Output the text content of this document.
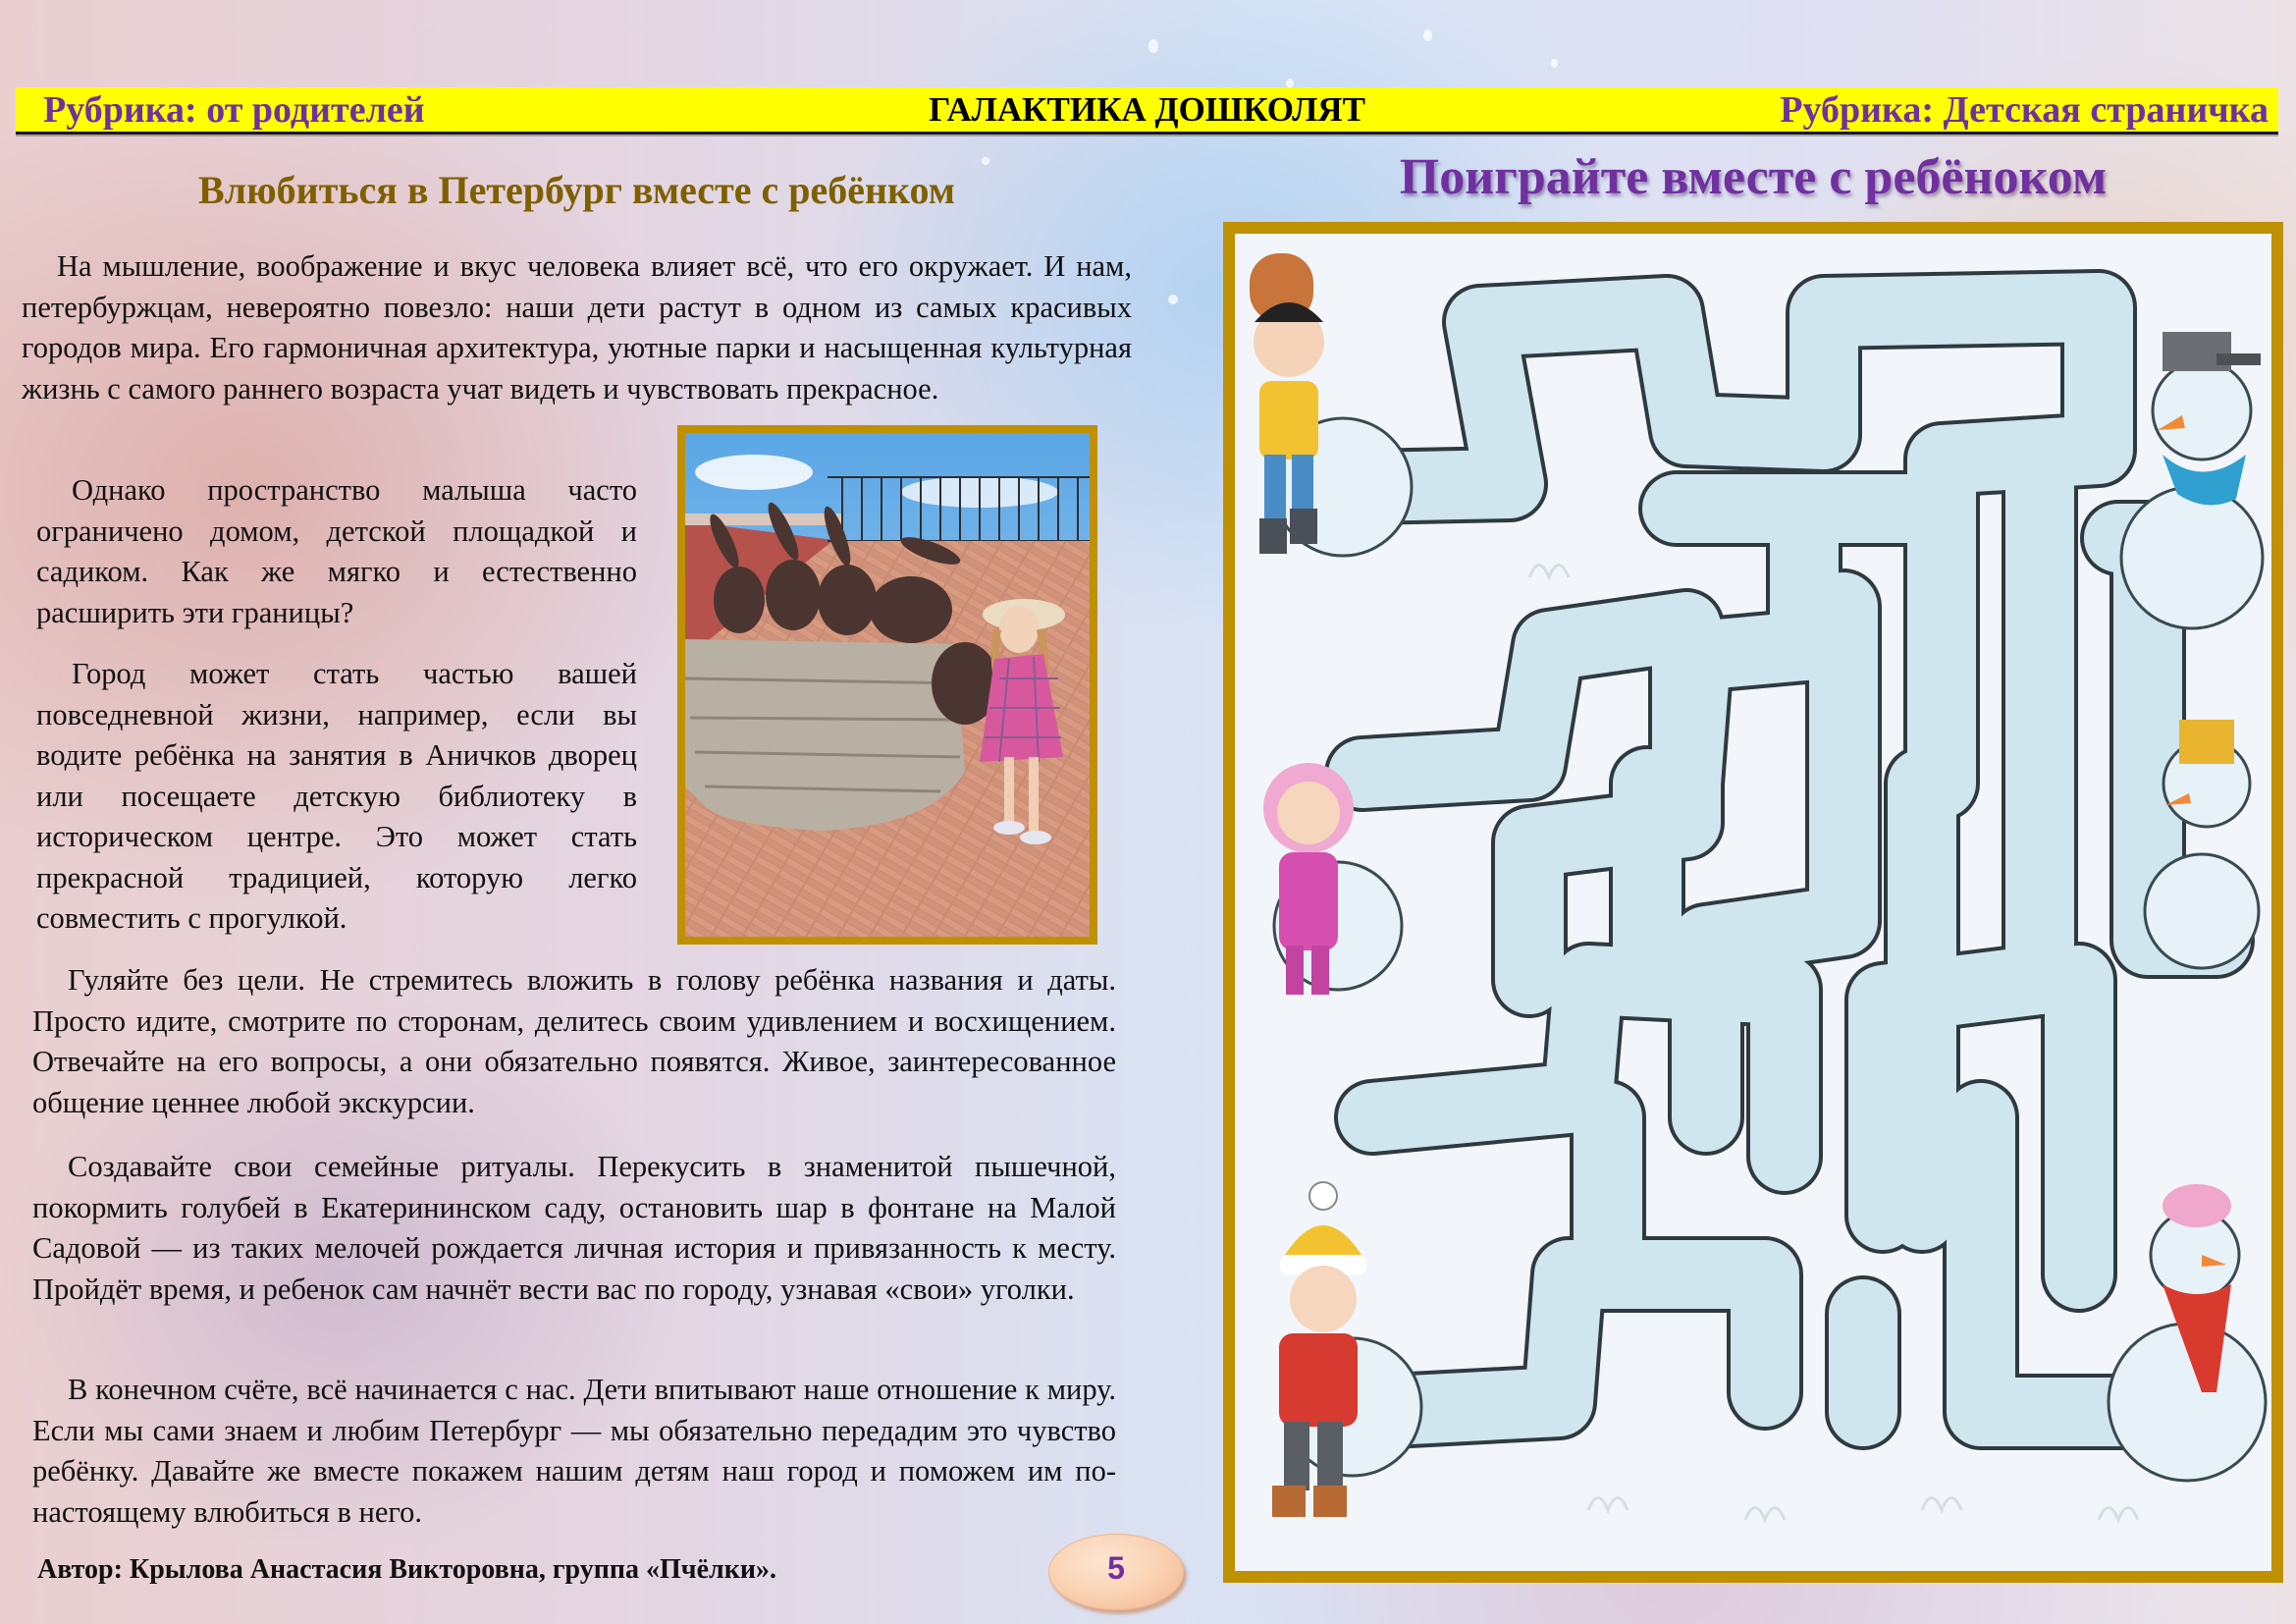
Рубрика: от родителей	ГАЛАКТИКА ДОШКОЛЯТ	Рубрика: Детская страничка
Влюбиться в Петербург вместе с ребёнком

На мышление, воображение и вкус человека влияет всё, что его окружает. И нам, петербуржцам, невероятно повезло: наши дети растут в одном из самых красивых городов мира. Его гармоничная архитектура, уютные парки и насыщенная культурная жизнь с самого раннего возраста учат видеть и чувствовать прекрасное.

Однако пространство малыша часто ограничено домом, детской площадкой и садиком. Как же мягко и естественно расширить эти границы?

Город может стать частью вашей повседневной жизни, например, если вы водите ребёнка на занятия в Аничков дворец или посещаете детскую библиотеку в историческом центре. Это может стать прекрасной традицией, которую легко совместить с прогулкой.

Гуляйте без цели. Не стремитесь вложить в голову ребёнка названия и даты. Просто идите, смотрите по сторонам, делитесь своим удивлением и восхищением. Отвечайте на его вопросы, а они обязательно появятся. Живое, заинтересованное общение ценнее любой экскурсии.

Создавайте свои семейные ритуалы. Перекусить в знаменитой пышечной, покормить голубей в Екатерининском саду, остановить шар в фонтане на Малой Садовой — из таких мелочей рождается личная история и привязанность к месту. Пройдёт время, и ребенок сам начнёт вести вас по городу, узнавая «свои» уголки.

В конечном счёте, всё начинается с нас. Дети впитывают наше отношение к миру. Если мы сами знаем и любим Петербург — мы обязательно передадим это чувство ребёнку. Давайте же вместе покажем нашим детям наш город и поможем им по-настоящему влюбиться в него.

Автор: Крылова Анастасия Викторовна, группа «Пчёлки».	5
Поиграйте вместе с ребёноком
